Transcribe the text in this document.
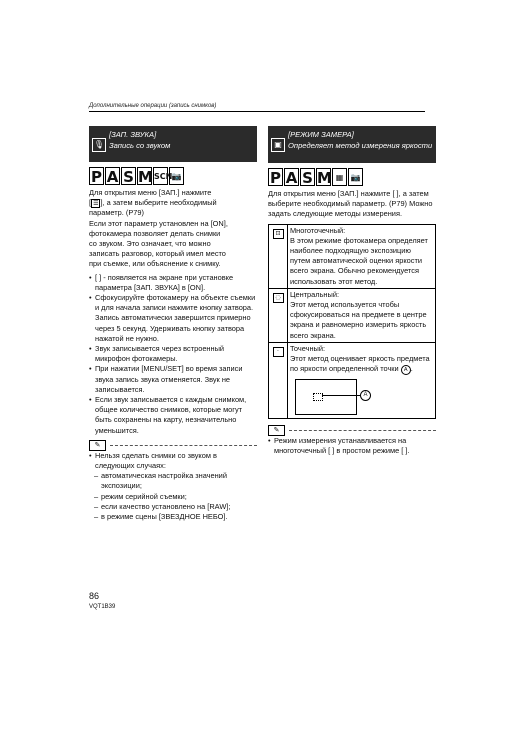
Дополнительные операции (запись снимков)
🎙
[ЗАП. ЗВУКА]
Запись со звуком
P A S M SCN 📷

Для открытия меню [ЗАП.] нажмите

[ ☰ ], а затем выберите необходимый

параметр. (P79)

Если этот параметр установлен на [ON],

фотокамера позволяет делать снимки

со звуком. Это означает, что можно

записать разговор, который имел место

при съемке, или объяснение к снимку.

• [ ] - появляется на экране при установке параметра [ЗАП. ЗВУКА] в [ON].
• Сфокусируйте фотокамеру на объекте съемки и для начала записи нажмите кнопку затвора. Запись автоматически завершится примерно через 5 секунд. Удерживать кнопку затвора нажатой не нужно.
• Звук записывается через встроенный микрофон фотокамеры.
• При нажатии [MENU/SET] во время записи звука запись звука отменяется. Звук не записывается.
• Если звук записывается с каждым снимком, общее количество снимков, которые могут быть сохранены на карту, незначительно уменьшится.
✎
• Нельзя сделать снимки со звуком в следующих случаях:
– автоматическая настройка значений экспозиции;
– режим серийной съемки;
– если качество установлено на [RAW];
– в режиме сцены [ЗВЕЗДНОЕ НЕБО].
▣
[РЕЖИМ ЗАМЕРА]
Определяет метод измерения яркости
P A S M ▦ 📷

Для открытия меню [ЗАП.] нажмите [ ], а затем выберите необходимый параметр. (P79) Можно задать следующие методы измерения.

⊡	Многоточечный:

В этом режиме фотокамера определяет наиболее подходящую экспозицию путем автоматической оценки яркости всего экрана. Обычно рекомендуется использовать этот метод.

◌	Центральный:

Этот метод используется чтобы сфокусироваться на предмете в центре экрана и равномерно измерить яркость всего экрана.

·	Точечный:

Этот метод оценивает яркость предмета по яркости определенной точки A .

A
✎
• Режим измерения устанавливается на многоточечный [ ] в простом режиме [ ].
86
VQT1B39
